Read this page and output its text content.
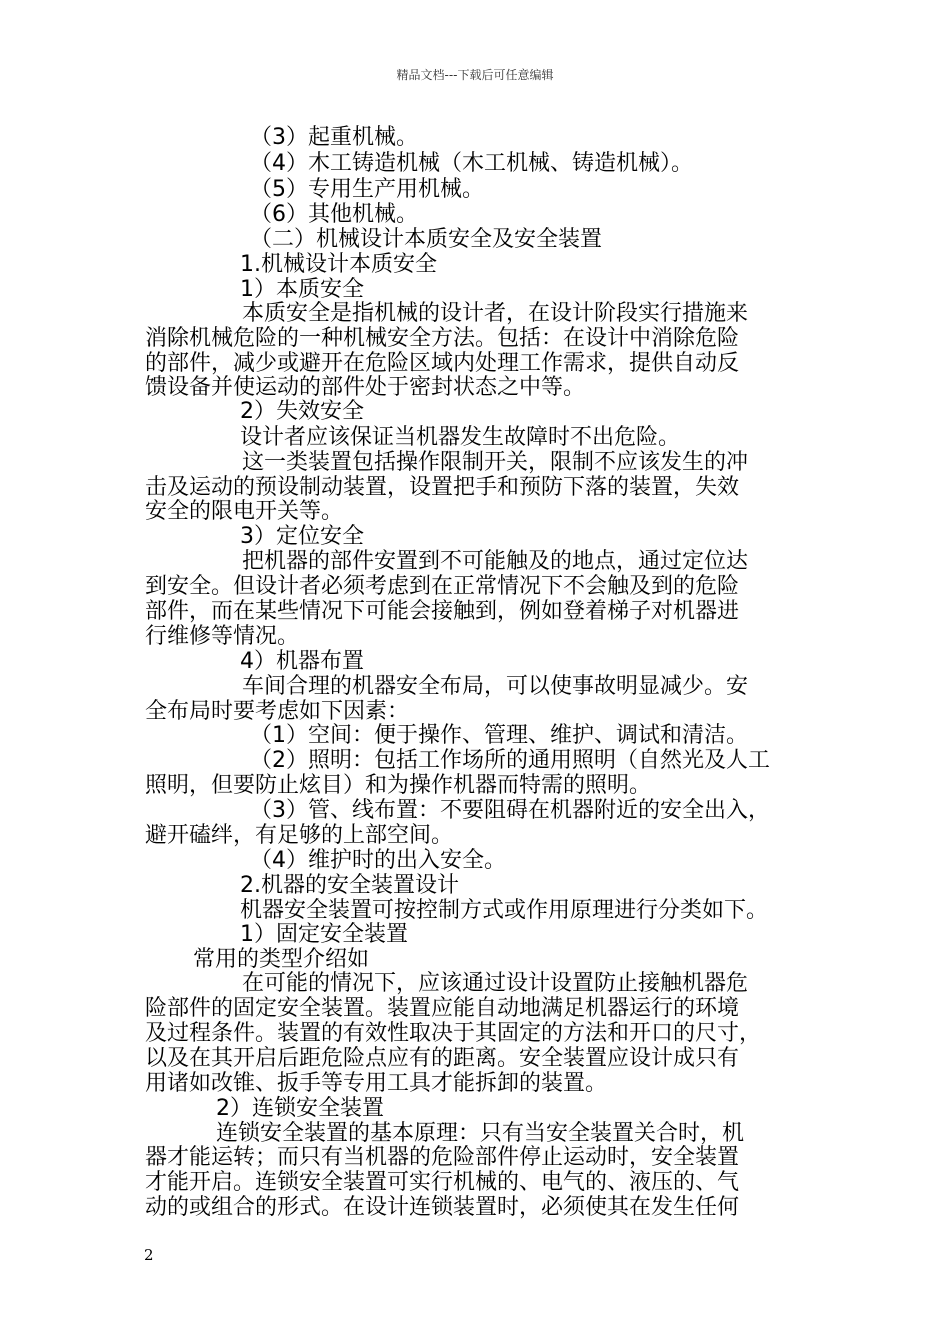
精品文档---下载后可任意编辑
（3）起重机械。
（4）木工铸造机械（木工机械、铸造机械）。
（5）专用生产用机械。
（6）其他机械。
（二）机械设计本质安全及安全装置
1.机械设计本质安全
1）本质安全
本质安全是指机械的设计者，在设计阶段实行措施来
消除机械危险的一种机械安全方法。包括：在设计中消除危险
的部件，减少或避开在危险区域内处理工作需求，提供自动反
馈设备并使运动的部件处于密封状态之中等。
2）失效安全
设计者应该保证当机器发生故障时不出危险。
这一类装置包括操作限制开关，限制不应该发生的冲
击及运动的预设制动装置，设置把手和预防下落的装置，失效
安全的限电开关等。
3）定位安全
把机器的部件安置到不可能触及的地点，通过定位达
到安全。但设计者必须考虑到在正常情况下不会触及到的危险
部件，而在某些情况下可能会接触到，例如登着梯子对机器进
行维修等情况。
4）机器布置
车间合理的机器安全布局，可以使事故明显减少。安
全布局时要考虑如下因素：
（1）空间：便于操作、管理、维护、调试和清洁。
（2）照明：包括工作场所的通用照明（自然光及人工
照明，但要防止炫目）和为操作机器而特需的照明。
（3）管、线布置：不要阻碍在机器附近的安全出入，
避开磕绊，有足够的上部空间。
（4）维护时的出入安全。
2.机器的安全装置设计
机器安全装置可按控制方式或作用原理进行分类如下。
1）固定安全装置
常用的类型介绍如
在可能的情况下，应该通过设计设置防止接触机器危
险部件的固定安全装置。装置应能自动地满足机器运行的环境
及过程条件。装置的有效性取决于其固定的方法和开口的尺寸，
以及在其开启后距危险点应有的距离。安全装置应设计成只有
用诸如改锥、扳手等专用工具才能拆卸的装置。
2）连锁安全装置
连锁安全装置的基本原理：只有当安全装置关合时，机
器才能运转；而只有当机器的危险部件停止运动时，安全装置
才能开启。连锁安全装置可实行机械的、电气的、液压的、气
动的或组合的形式。在设计连锁装置时，必须使其在发生任何
2
